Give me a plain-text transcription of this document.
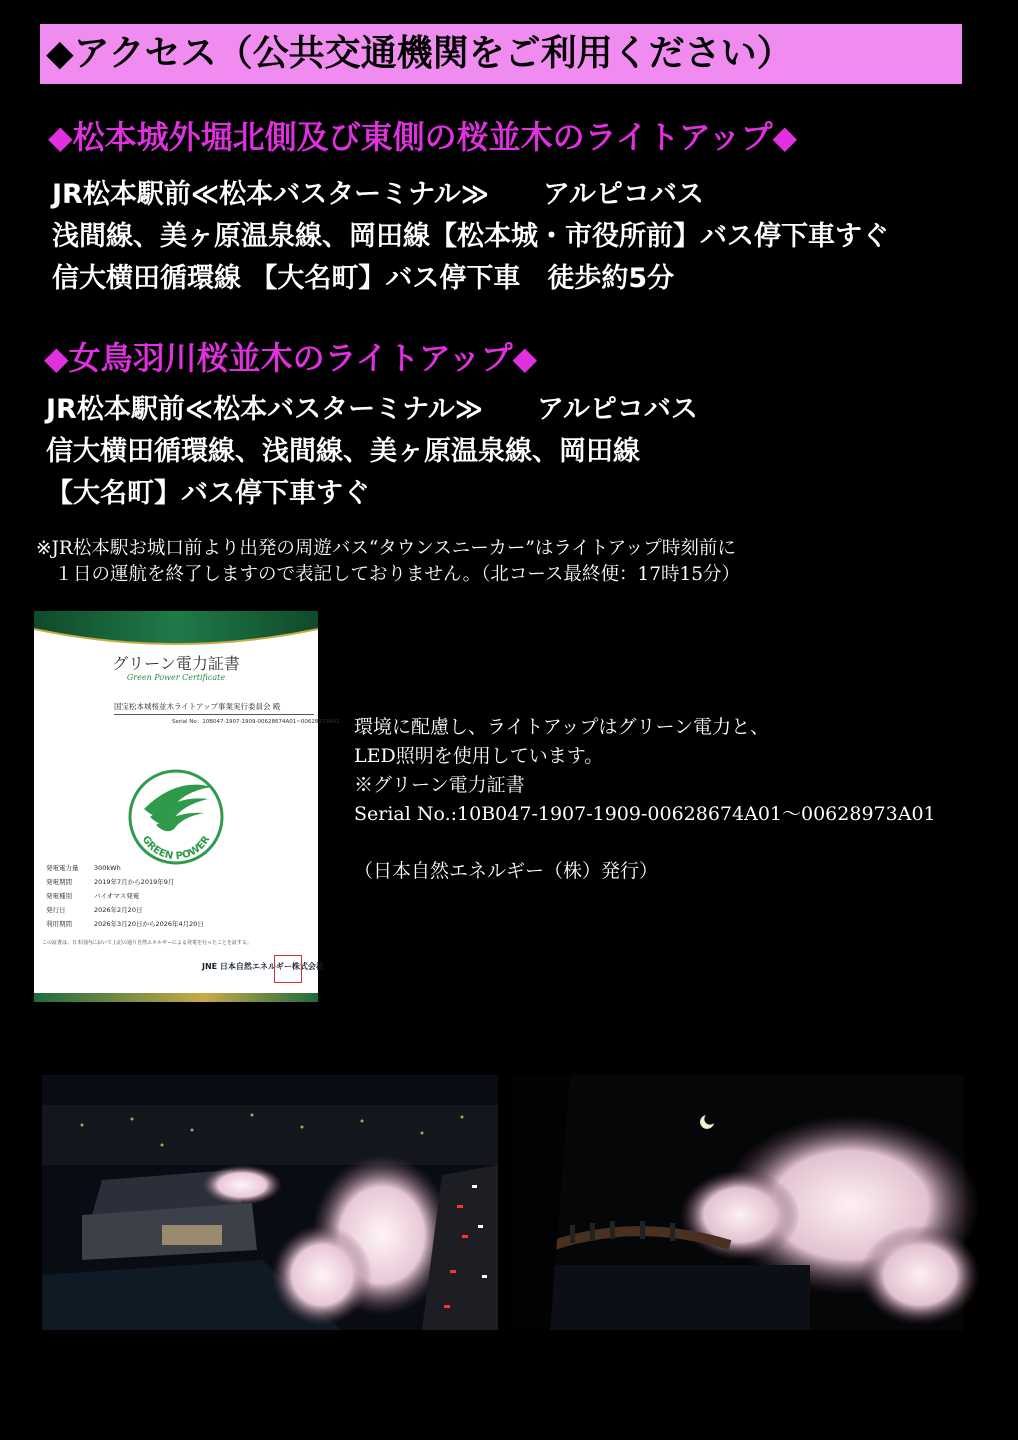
◆アクセス（公共交通機関をご利用ください）
◆松本城外堀北側及び東側の桜並木のライトアップ◆
JR松本駅前≪松本バスターミナル≫　　アルピコバス
浅間線、美ヶ原温泉線、岡田線【松本城・市役所前】バス停下車すぐ
信大横田循環線 【大名町】バス停下車　徒歩約5分
◆女鳥羽川桜並木のライトアップ◆
JR松本駅前≪松本バスターミナル≫　　アルピコバス
信大横田循環線、浅間線、美ヶ原温泉線、岡田線
【大名町】バス停下車すぐ
※JR松本駅お城口前より出発の周遊バス“タウンスニーカー”はライトアップ時刻前に
　１日の運航を終了しますので表記しておりません。（北コース最終便：17時15分）
グリーン電力証書
Green Power Certificate
国宝松本城桜並木ライトアップ事業実行委員会 殿
Serial No：10B047-1907-1909-00628674A01~00628973A01
GREEN POWER
発電電力量 300kWh
発電期間	2019年7月から2019年9月
発電種別	バイオマス発電
発行日	2026年2月20日
利用期間	2026年3月20日から2026年4月20日
この証書は、日本国内において上記の通り自然エネルギーによる発電を行ったことを証する。
JNE 日本自然エネルギー株式会社
環境に配慮し、ライトアップはグリーン電力と、
LED照明を使用しています。
※グリーン電力証書
Serial No.:10B047-1907-1909-00628674A01～00628973A01
（日本自然エネルギー（株）発行）
